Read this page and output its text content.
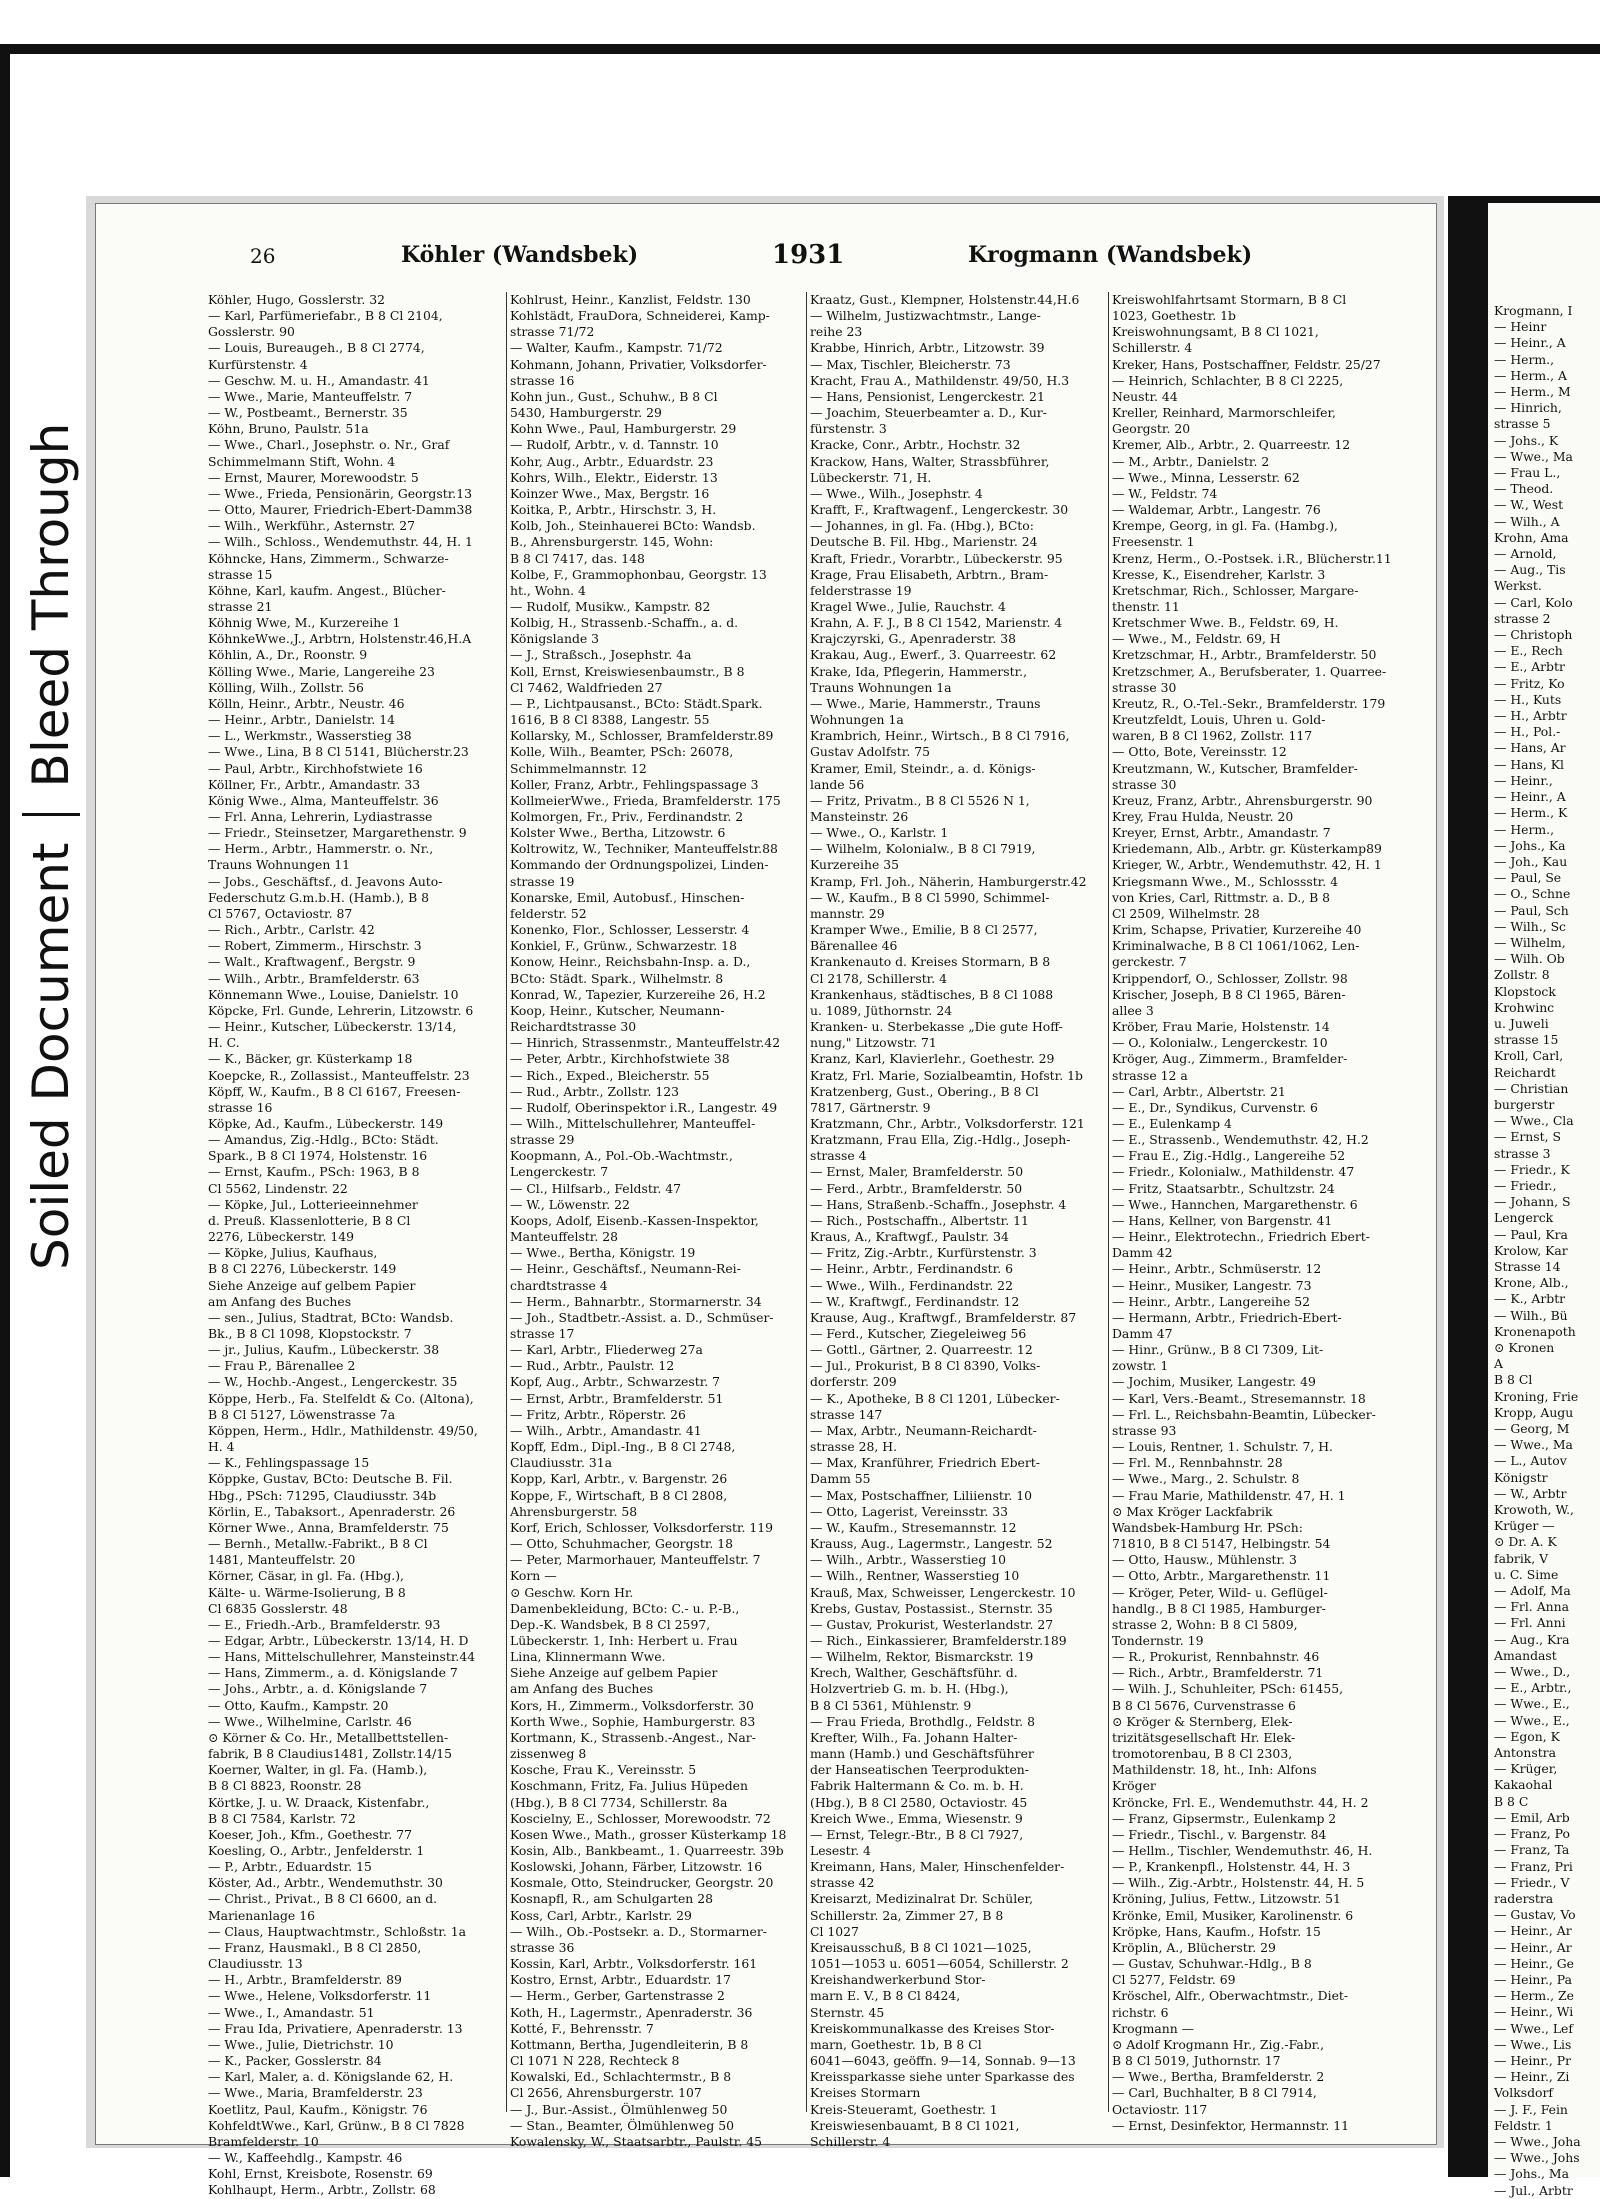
Soiled Document
Bleed Through
26	Köhler (Wandsbek)	1931	Krogmann (Wandsbek)
Köhler, Hugo, Gosslerstr. 32
— Karl, Parfümeriefabr., B 8 Cl 2104,
Gosslerstr. 90
— Louis, Bureaugeh., B 8 Cl 2774,
Kurfürstenstr. 4
— Geschw. M. u. H., Amandastr. 41
— Wwe., Marie, Manteuffelstr. 7
— W., Postbeamt., Bernerstr. 35
Köhn, Bruno, Paulstr. 51a
— Wwe., Charl., Josephstr. o. Nr., Graf
Schimmelmann Stift, Wohn. 4
— Ernst, Maurer, Morewoodstr. 5
— Wwe., Frieda, Pensionärin, Georgstr.13
— Otto, Maurer, Friedrich-Ebert-Damm38
— Wilh., Werkführ., Asternstr. 27
— Wilh., Schloss., Wendemuthstr. 44, H. 1
Köhncke, Hans, Zimmerm., Schwarze-
strasse 15
Köhne, Karl, kaufm. Angest., Blücher-
strasse 21
Köhnig Wwe, M., Kurzereihe 1
KöhnkeWwe.,J., Arbtrn, Holstenstr.46,H.A
Köhlin, A., Dr., Roonstr. 9
Kölling Wwe., Marie, Langereihe 23
Kölling, Wilh., Zollstr. 56
Kölln, Heinr., Arbtr., Neustr. 46
— Heinr., Arbtr., Danielstr. 14
— L., Werkmstr., Wasserstieg 38
— Wwe., Lina, B 8 Cl 5141, Blücherstr.23
— Paul, Arbtr., Kirchhofstwiete 16
Köllner, Fr., Arbtr., Amandastr. 33
König Wwe., Alma, Manteuffelstr. 36
— Frl. Anna, Lehrerin, Lydiastrasse
— Friedr., Steinsetzer, Margarethenstr. 9
— Herm., Arbtr., Hammerstr. o. Nr.,
Trauns Wohnungen 11
— Jobs., Geschäftsf., d. Jeavons Auto-
Federschutz G.m.b.H. (Hamb.), B 8
Cl 5767, Octaviostr. 87
— Rich., Arbtr., Carlstr. 42
— Robert, Zimmerm., Hirschstr. 3
— Walt., Kraftwagenf., Bergstr. 9
— Wilh., Arbtr., Bramfelderstr. 63
Könnemann Wwe., Louise, Danielstr. 10
Köpcke, Frl. Gunde, Lehrerin, Litzowstr. 6
— Heinr., Kutscher, Lübeckerstr. 13/14,
H. C.
— K., Bäcker, gr. Küsterkamp 18
Koepcke, R., Zollassist., Manteuffelstr. 23
Köpff, W., Kaufm., B 8 Cl 6167, Freesen-
strasse 16
Köpke, Ad., Kaufm., Lübeckerstr. 149
— Amandus, Zig.-Hdlg., BCto: Städt.
Spark., B 8 Cl 1974, Holstenstr. 16
— Ernst, Kaufm., PSch: 1963, B 8
Cl 5562, Lindenstr. 22
— Köpke, Jul., Lotterieeinnehmer
d. Preuß. Klassenlotterie, B 8 Cl
2276, Lübeckerstr. 149
— Köpke, Julius, Kaufhaus,
B 8 Cl 2276, Lübeckerstr. 149
Siehe Anzeige auf gelbem Papier
am Anfang des Buches
— sen., Julius, Stadtrat, BCto: Wandsb.
Bk., B 8 Cl 1098, Klopstockstr. 7
— jr., Julius, Kaufm., Lübeckerstr. 38
— Frau P., Bärenallee 2
— W., Hochb.-Angest., Lengerckestr. 35
Köppe, Herb., Fa. Stelfeldt & Co. (Altona),
B 8 Cl 5127, Löwenstrasse 7a
Köppen, Herm., Hdlr., Mathildenstr. 49/50,
H. 4
— K., Fehlingspassage 15
Köppke, Gustav, BCto: Deutsche B. Fil.
Hbg., PSch: 71295, Claudiusstr. 34b
Körlin, E., Tabaksort., Apenraderstr. 26
Körner Wwe., Anna, Bramfelderstr. 75
— Bernh., Metallw.-Fabrikt., B 8 Cl
1481, Manteuffelstr. 20
Körner, Cäsar, in gl. Fa. (Hbg.),
Kälte- u. Wärme-Isolierung, B 8
Cl 6835 Gosslerstr. 48
— E., Friedh.-Arb., Bramfelderstr. 93
— Edgar, Arbtr., Lübeckerstr. 13/14, H. D
— Hans, Mittelschullehrer, Mansteinstr.44
— Hans, Zimmerm., a. d. Königslande 7
— Johs., Arbtr., a. d. Königslande 7
— Otto, Kaufm., Kampstr. 20
— Wwe., Wilhelmine, Carlstr. 46
⊙ Körner & Co. Hr., Metallbettstellen-
fabrik, B 8 Claudius1481, Zollstr.14/15
Koerner, Walter, in gl. Fa. (Hamb.),
B 8 Cl 8823, Roonstr. 28
Körtke, J. u. W. Draack, Kistenfabr.,
B 8 Cl 7584, Karlstr. 72
Koeser, Joh., Kfm., Goethestr. 77
Koesling, O., Arbtr., Jenfelderstr. 1
— P., Arbtr., Eduardstr. 15
Köster, Ad., Arbtr., Wendemuthstr. 30
— Christ., Privat., B 8 Cl 6600, an d.
Marienanlage 16
— Claus, Hauptwachtmstr., Schloßstr. 1a
— Franz, Hausmakl., B 8 Cl 2850,
Claudiusstr. 13
— H., Arbtr., Bramfelderstr. 89
— Wwe., Helene, Volksdorferstr. 11
— Wwe., I., Amandastr. 51
— Frau Ida, Privatiere, Apenraderstr. 13
— Wwe., Julie, Dietrichstr. 10
— K., Packer, Gosslerstr. 84
— Karl, Maler, a. d. Königslande 62, H.
— Wwe., Maria, Bramfelderstr. 23
Koetlitz, Paul, Kaufm., Königstr. 76
KohfeldtWwe., Karl, Grünw., B 8 Cl 7828
Bramfelderstr. 10
— W., Kaffeehdlg., Kampstr. 46
Kohl, Ernst, Kreisbote, Rosenstr. 69
Kohlhaupt, Herm., Arbtr., Zollstr. 68
Kohlrust, Heinr., Kanzlist, Feldstr. 130
Kohlstädt, FrauDora, Schneiderei, Kamp-
strasse 71/72
— Walter, Kaufm., Kampstr. 71/72
Kohmann, Johann, Privatier, Volksdorfer-
strasse 16
Kohn jun., Gust., Schuhw., B 8 Cl
5430, Hamburgerstr. 29
Kohn Wwe., Paul, Hamburgerstr. 29
— Rudolf, Arbtr., v. d. Tannstr. 10
Kohr, Aug., Arbtr., Eduardstr. 23
Kohrs, Wilh., Elektr., Eiderstr. 13
Koinzer Wwe., Max, Bergstr. 16
Koitka, P., Arbtr., Hirschstr. 3, H.
Kolb, Joh., Steinhauerei BCto: Wandsb.
B., Ahrensburgerstr. 145, Wohn:
B 8 Cl 7417, das. 148
Kolbe, F., Grammophonbau, Georgstr. 13
ht., Wohn. 4
— Rudolf, Musikw., Kampstr. 82
Kolbig, H., Strassenb.-Schaffn., a. d.
Königslande 3
— J., Straßsch., Josephstr. 4a
Koll, Ernst, Kreiswiesenbaumstr., B 8
Cl 7462, Waldfrieden 27
— P., Lichtpausanst., BCto: Städt.Spark.
1616, B 8 Cl 8388, Langestr. 55
Kollarsky, M., Schlosser, Bramfelderstr.89
Kolle, Wilh., Beamter, PSch: 26078,
Schimmelmannstr. 12
Koller, Franz, Arbtr., Fehlingspassage 3
KollmeierWwe., Frieda, Bramfelderstr. 175
Kolmorgen, Fr., Priv., Ferdinandstr. 2
Kolster Wwe., Bertha, Litzowstr. 6
Koltrowitz, W., Techniker, Manteuffelstr.88
Kommando der Ordnungspolizei, Linden-
strasse 19
Konarske, Emil, Autobusf., Hinschen-
felderstr. 52
Konenko, Flor., Schlosser, Lesserstr. 4
Konkiel, F., Grünw., Schwarzestr. 18
Konow, Heinr., Reichsbahn-Insp. a. D.,
BCto: Städt. Spark., Wilhelmstr. 8
Konrad, W., Tapezier, Kurzereihe 26, H.2
Koop, Heinr., Kutscher, Neumann-
Reichardtstrasse 30
— Hinrich, Strassenmstr., Manteuffelstr.42
— Peter, Arbtr., Kirchhofstwiete 38
— Rich., Exped., Bleicherstr. 55
— Rud., Arbtr., Zollstr. 123
— Rudolf, Oberinspektor i.R., Langestr. 49
— Wilh., Mittelschullehrer, Manteuffel-
strasse 29
Koopmann, A., Pol.-Ob.-Wachtmstr.,
Lengerckestr. 7
— Cl., Hilfsarb., Feldstr. 47
— W., Löwenstr. 22
Koops, Adolf, Eisenb.-Kassen-Inspektor,
Manteuffelstr. 28
— Wwe., Bertha, Königstr. 19
— Heinr., Geschäftsf., Neumann-Rei-
chardtstrasse 4
— Herm., Bahnarbtr., Stormarnerstr. 34
— Joh., Stadtbetr.-Assist. a. D., Schmüser-
strasse 17
— Karl, Arbtr., Fliederweg 27a
— Rud., Arbtr., Paulstr. 12
Kopf, Aug., Arbtr., Schwarzestr. 7
— Ernst, Arbtr., Bramfelderstr. 51
— Fritz, Arbtr., Röperstr. 26
— Wilh., Arbtr., Amandastr. 41
Kopff, Edm., Dipl.-Ing., B 8 Cl 2748,
Claudiusstr. 31a
Kopp, Karl, Arbtr., v. Bargenstr. 26
Koppe, F., Wirtschaft, B 8 Cl 2808,
Ahrensburgerstr. 58
Korf, Erich, Schlosser, Volksdorferstr. 119
— Otto, Schuhmacher, Georgstr. 18
— Peter, Marmorhauer, Manteuffelstr. 7
Korn —
⊙ Geschw. Korn Hr.
Damenbekleidung, BCto: C.- u. P.-B.,
Dep.-K. Wandsbek, B 8 Cl 2597,
Lübeckerstr. 1, Inh: Herbert u. Frau
Lina, Klinnermann Wwe.
Siehe Anzeige auf gelbem Papier
am Anfang des Buches
Kors, H., Zimmerm., Volksdorferstr. 30
Korth Wwe., Sophie, Hamburgerstr. 83
Kortmann, K., Strassenb.-Angest., Nar-
zissenweg 8
Kosche, Frau K., Vereinsstr. 5
Koschmann, Fritz, Fa. Julius Hüpeden
(Hbg.), B 8 Cl 7734, Schillerstr. 8a
Koscielny, E., Schlosser, Morewoodstr. 72
Kosen Wwe., Math., grosser Küsterkamp 18
Kosin, Alb., Bankbeamt., 1. Quarreestr. 39b
Koslowski, Johann, Färber, Litzowstr. 16
Kosmale, Otto, Steindrucker, Georgstr. 20
Kosnapfl, R., am Schulgarten 28
Koss, Carl, Arbtr., Karlstr. 29
— Wilh., Ob.-Postsekr. a. D., Stormarner-
strasse 36
Kossin, Karl, Arbtr., Volksdorferstr. 161
Kostro, Ernst, Arbtr., Eduardstr. 17
— Herm., Gerber, Gartenstrasse 2
Koth, H., Lagermstr., Apenraderstr. 36
Kotté, F., Behrensstr. 7
Kottmann, Bertha, Jugendleiterin, B 8
Cl 1071 N 228, Rechteck 8
Kowalski, Ed., Schlachtermstr., B 8
Cl 2656, Ahrensburgerstr. 107
— J., Bur.-Assist., Ölmühlenweg 50
— Stan., Beamter, Ölmühlenweg 50
Kowalensky, W., Staatsarbtr., Paulstr. 45
Kraatz, Gust., Klempner, Holstenstr.44,H.6
— Wilhelm, Justizwachtmstr., Lange-
reihe 23
Krabbe, Hinrich, Arbtr., Litzowstr. 39
— Max, Tischler, Bleicherstr. 73
Kracht, Frau A., Mathildenstr. 49/50, H.3
— Hans, Pensionist, Lengerckestr. 21
— Joachim, Steuerbeamter a. D., Kur-
fürstenstr. 3
Kracke, Conr., Arbtr., Hochstr. 32
Krackow, Hans, Walter, Strassbführer,
Lübeckerstr. 71, H.
— Wwe., Wilh., Josephstr. 4
Krafft, F., Kraftwagenf., Lengerckestr. 30
— Johannes, in gl. Fa. (Hbg.), BCto:
Deutsche B. Fil. Hbg., Marienstr. 24
Kraft, Friedr., Vorarbtr., Lübeckerstr. 95
Krage, Frau Elisabeth, Arbtrn., Bram-
felderstrasse 19
Kragel Wwe., Julie, Rauchstr. 4
Krahn, A. F. J., B 8 Cl 1542, Marienstr. 4
Krajczyrski, G., Apenraderstr. 38
Krakau, Aug., Ewerf., 3. Quarreestr. 62
Krake, Ida, Pflegerin, Hammerstr.,
Trauns Wohnungen 1a
— Wwe., Marie, Hammerstr., Trauns
Wohnungen 1a
Krambrich, Heinr., Wirtsch., B 8 Cl 7916,
Gustav Adolfstr. 75
Kramer, Emil, Steindr., a. d. Königs-
lande 56
— Fritz, Privatm., B 8 Cl 5526 N 1,
Mansteinstr. 26
— Wwe., O., Karlstr. 1
— Wilhelm, Kolonialw., B 8 Cl 7919,
Kurzereihe 35
Kramp, Frl. Joh., Näherin, Hamburgerstr.42
— W., Kaufm., B 8 Cl 5990, Schimmel-
mannstr. 29
Kramper Wwe., Emilie, B 8 Cl 2577,
Bärenallee 46
Krankenauto d. Kreises Stormarn, B 8
Cl 2178, Schillerstr. 4
Krankenhaus, städtisches, B 8 Cl 1088
u. 1089, Jüthornstr. 24
Kranken- u. Sterbekasse „Die gute Hoff-
nung," Litzowstr. 71
Kranz, Karl, Klavierlehr., Goethestr. 29
Kratz, Frl. Marie, Sozialbeamtin, Hofstr. 1b
Kratzenberg, Gust., Obering., B 8 Cl
7817, Gärtnerstr. 9
Kratzmann, Chr., Arbtr., Volksdorferstr. 121
Kratzmann, Frau Ella, Zig.-Hdlg., Joseph-
strasse 4
— Ernst, Maler, Bramfelderstr. 50
— Ferd., Arbtr., Bramfelderstr. 50
— Hans, Straßenb.-Schaffn., Josephstr. 4
— Rich., Postschaffn., Albertstr. 11
Kraus, A., Kraftwgf., Paulstr. 34
— Fritz, Zig.-Arbtr., Kurfürstenstr. 3
— Heinr., Arbtr., Ferdinandstr. 6
— Wwe., Wilh., Ferdinandstr. 22
— W., Kraftwgf., Ferdinandstr. 12
Krause, Aug., Kraftwgf., Bramfelderstr. 87
— Ferd., Kutscher, Ziegeleiweg 56
— Gottl., Gärtner, 2. Quarreestr. 12
— Jul., Prokurist, B 8 Cl 8390, Volks-
dorferstr. 209
— K., Apotheke, B 8 Cl 1201, Lübecker-
strasse 147
— Max, Arbtr., Neumann-Reichardt-
strasse 28, H.
— Max, Kranführer, Friedrich Ebert-
Damm 55
— Max, Postschaffner, Liliienstr. 10
— Otto, Lagerist, Vereinsstr. 33
— W., Kaufm., Stresemannstr. 12
Krauss, Aug., Lagermstr., Langestr. 52
— Wilh., Arbtr., Wasserstieg 10
— Wilh., Rentner, Wasserstieg 10
Krauß, Max, Schweisser, Lengerckestr. 10
Krebs, Gustav, Postassist., Sternstr. 35
— Gustav, Prokurist, Westerlandstr. 27
— Rich., Einkassierer, Bramfelderstr.189
— Wilhelm, Rektor, Bismarckstr. 19
Krech, Walther, Geschäftsführ. d.
Holzvertrieb G. m. b. H. (Hbg.),
B 8 Cl 5361, Mühlenstr. 9
— Frau Frieda, Brothdlg., Feldstr. 8
Krefter, Wilh., Fa. Johann Halter-
mann (Hamb.) und Geschäftsführer
der Hanseatischen Teerprodukten-
Fabrik Haltermann & Co. m. b. H.
(Hbg.), B 8 Cl 2580, Octaviostr. 45
Kreich Wwe., Emma, Wiesenstr. 9
— Ernst, Telegr.-Btr., B 8 Cl 7927,
Lesestr. 4
Kreimann, Hans, Maler, Hinschenfelder-
strasse 42
Kreisarzt, Medizinalrat Dr. Schüler,
Schillerstr. 2a, Zimmer 27, B 8
Cl 1027
Kreisausschuß, B 8 Cl 1021—1025,
1051—1053 u. 6051—6054, Schillerstr. 2
Kreishandwerkerbund Stor-
marn E. V., B 8 Cl 8424,
Sternstr. 45
Kreiskommunalkasse des Kreises Stor-
marn, Goethestr. 1b, B 8 Cl
6041—6043, geöffn. 9—14, Sonnab. 9—13
Kreissparkasse siehe unter Sparkasse des
Kreises Stormarn
Kreis-Steueramt, Goethestr. 1
Kreiswiesenbauamt, B 8 Cl 1021,
Schillerstr. 4
Kreiswohlfahrtsamt Stormarn, B 8 Cl
1023, Goethestr. 1b
Kreiswohnungsamt, B 8 Cl 1021,
Schillerstr. 4
Kreker, Hans, Postschaffner, Feldstr. 25/27
— Heinrich, Schlachter, B 8 Cl 2225,
Neustr. 44
Kreller, Reinhard, Marmorschleifer,
Georgstr. 20
Kremer, Alb., Arbtr., 2. Quarreestr. 12
— M., Arbtr., Danielstr. 2
— Wwe., Minna, Lesserstr. 62
— W., Feldstr. 74
— Waldemar, Arbtr., Langestr. 76
Krempe, Georg, in gl. Fa. (Hambg.),
Freesenstr. 1
Krenz, Herm., O.-Postsek. i.R., Blücherstr.11
Kresse, K., Eisendreher, Karlstr. 3
Kretschmar, Rich., Schlosser, Margare-
thenstr. 11
Kretschmer Wwe. B., Feldstr. 69, H.
— Wwe., M., Feldstr. 69, H
Kretzschmar, H., Arbtr., Bramfelderstr. 50
Kretzschmer, A., Berufsberater, 1. Quarree-
strasse 30
Kreutz, R., O.-Tel.-Sekr., Bramfelderstr. 179
Kreutzfeldt, Louis, Uhren u. Gold-
waren, B 8 Cl 1962, Zollstr. 117
— Otto, Bote, Vereinsstr. 12
Kreutzmann, W., Kutscher, Bramfelder-
strasse 30
Kreuz, Franz, Arbtr., Ahrensburgerstr. 90
Krey, Frau Hulda, Neustr. 20
Kreyer, Ernst, Arbtr., Amandastr. 7
Kriedemann, Alb., Arbtr. gr. Küsterkamp89
Krieger, W., Arbtr., Wendemuthstr. 42, H. 1
Kriegsmann Wwe., M., Schlossstr. 4
von Kries, Carl, Rittmstr. a. D., B 8
Cl 2509, Wilhelmstr. 28
Krim, Schapse, Privatier, Kurzereihe 40
Kriminalwache, B 8 Cl 1061/1062, Len-
gerckestr. 7
Krippendorf, O., Schlosser, Zollstr. 98
Krischer, Joseph, B 8 Cl 1965, Bären-
allee 3
Kröber, Frau Marie, Holstenstr. 14
— O., Kolonialw., Lengerckestr. 10
Kröger, Aug., Zimmerm., Bramfelder-
strasse 12 a
— Carl, Arbtr., Albertstr. 21
— E., Dr., Syndikus, Curvenstr. 6
— E., Eulenkamp 4
— E., Strassenb., Wendemuthstr. 42, H.2
— Frau E., Zig.-Hdlg., Langereihe 52
— Friedr., Kolonialw., Mathildenstr. 47
— Fritz, Staatsarbtr., Schultzstr. 24
— Wwe., Hannchen, Margarethenstr. 6
— Hans, Kellner, von Bargenstr. 41
— Heinr., Elektrotechn., Friedrich Ebert-
Damm 42
— Heinr., Arbtr., Schmüserstr. 12
— Heinr., Musiker, Langestr. 73
— Heinr., Arbtr., Langereihe 52
— Hermann, Arbtr., Friedrich-Ebert-
Damm 47
— Hinr., Grünw., B 8 Cl 7309, Lit-
zowstr. 1
— Jochim, Musiker, Langestr. 49
— Karl, Vers.-Beamt., Stresemannstr. 18
— Frl. L., Reichsbahn-Beamtin, Lübecker-
strasse 93
— Louis, Rentner, 1. Schulstr. 7, H.
— Frl. M., Rennbahnstr. 28
— Wwe., Marg., 2. Schulstr. 8
— Frau Marie, Mathildenstr. 47, H. 1
⊙ Max Kröger Lackfabrik
Wandsbek-Hamburg Hr. PSch:
71810, B 8 Cl 5147, Helbingstr. 54
— Otto, Hausw., Mühlenstr. 3
— Otto, Arbtr., Margarethenstr. 11
— Kröger, Peter, Wild- u. Geflügel-
handlg., B 8 Cl 1985, Hamburger-
strasse 2, Wohn: B 8 Cl 5809,
Tondernstr. 19
— R., Prokurist, Rennbahnstr. 46
— Rich., Arbtr., Bramfelderstr. 71
— Wilh. J., Schuhleiter, PSch: 61455,
B 8 Cl 5676, Curvenstrasse 6
⊙ Kröger & Sternberg, Elek-
trizitätsgesellschaft Hr. Elek-
tromotorenbau, B 8 Cl 2303,
Mathildenstr. 18, ht., Inh: Alfons
Kröger
Kröncke, Frl. E., Wendemuthstr. 44, H. 2
— Franz, Gipsermstr., Eulenkamp 2
— Friedr., Tischl., v. Bargenstr. 84
— Hellm., Tischler, Wendemuthstr. 46, H.
— P., Krankenpfl., Holstenstr. 44, H. 3
— Wilh., Zig.-Arbtr., Holstenstr. 44, H. 5
Kröning, Julius, Fettw., Litzowstr. 51
Krönke, Emil, Musiker, Karolinenstr. 6
Kröpke, Hans, Kaufm., Hofstr. 15
Kröplin, A., Blücherstr. 29
— Gustav, Schuhwar.-Hdlg., B 8
Cl 5277, Feldstr. 69
Kröschel, Alfr., Oberwachtmstr., Diet-
richstr. 6
Krogmann —
⊙ Adolf Krogmann Hr., Zig.-Fabr.,
B 8 Cl 5019, Juthornstr. 17
— Wwe., Bertha, Bramfelderstr. 2
— Carl, Buchhalter, B 8 Cl 7914,
Octaviostr. 117
— Ernst, Desinfektor, Hermannstr. 11
Krogmann, I
— Heinr
— Heinr., A
— Herm.,
— Herm., A
— Herm., M
— Hinrich,
strasse 5
— Johs., K
— Wwe., Ma
— Frau L.,
— Theod.
— W., West
— Wilh., A
Krohn, Ama
— Arnold,
— Aug., Tis
Werkst.
— Carl, Kolo
strasse 2
— Christoph
— E., Rech
— E., Arbtr
— Fritz, Ko
— H., Kuts
— H., Arbtr
— H., Pol.-
— Hans, Ar
— Hans, Kl
— Heinr.,
— Heinr., A
— Herm., K
— Herm.,
— Johs., Ka
— Joh., Kau
— Paul, Se
— O., Schne
— Paul, Sch
— Wilh., Sc
— Wilhelm,
— Wilh. Ob
Zollstr. 8
Klopstock
Krohwinc
u. Juweli
strasse 15
Kroll, Carl,
Reichardt
— Christian
burgerstr
— Wwe., Cla
— Ernst, S
strasse 3
— Friedr., K
— Friedr.,
— Johann, S
Lengerck
— Paul, Kra
Krolow, Kar
Strasse 14
Krone, Alb.,
— K., Arbtr
— Wilh., Bü
Kronenapoth
⊙ Kronen
A
B 8 Cl
Kroning, Frie
Kropp, Augu
— Georg, M
— Wwe., Ma
— L., Autov
Königstr
— W., Arbtr
Krowoth, W.,
Krüger —
⊙ Dr. A. K
fabrik, V
u. C. Sime
— Adolf, Ma
— Frl. Anna
— Frl. Anni
— Aug., Kra
Amandast
— Wwe., D.,
— E., Arbtr.,
— Wwe., E.,
— Wwe., E.,
— Egon, K
Antonstra
— Krüger,
Kakaohal
B 8 C
— Emil, Arb
— Franz, Po
— Franz, Ta
— Franz, Pri
— Friedr., V
raderstra
— Gustav, Vo
— Heinr., Ar
— Heinr., Ar
— Heinr., Ge
— Heinr., Pa
— Herm., Ze
— Heinr., Wi
— Wwe., Lef
— Wwe., Lis
— Heinr., Pr
— Heinr., Zi
Volksdorf
— J. F., Fein
Feldstr. 1
— Wwe., Joha
— Wwe., Johs
— Johs., Ma
— Jul., Arbtr
